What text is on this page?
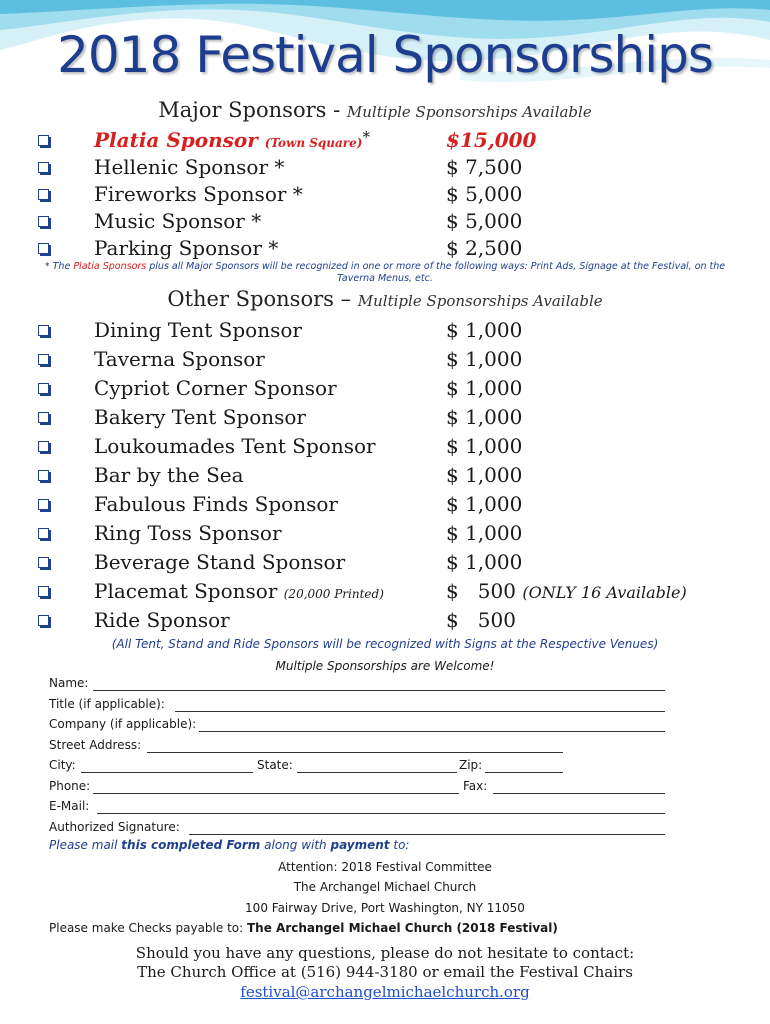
2018 Festival Sponsorships
Major Sponsors - Multiple Sponsorships Available
Platia Sponsor (Town Square)*	$15,000
Hellenic Sponsor *	$ 7,500
Fireworks Sponsor *	$ 5,000
Music Sponsor *	$ 5,000
Parking Sponsor *	$ 2,500
* The Platia Sponsors plus all Major Sponsors will be recognized in one or more of the following ways: Print Ads, Signage at the Festival, on the Taverna Menus, etc.
Other Sponsors – Multiple Sponsorships Available
Dining Tent Sponsor	$ 1,000
Taverna Sponsor	$ 1,000
Cypriot Corner Sponsor	$ 1,000
Bakery Tent Sponsor	$ 1,000
Loukoumades Tent Sponsor	$ 1,000
Bar by the Sea	$ 1,000
Fabulous Finds Sponsor	$ 1,000
Ring Toss Sponsor	$ 1,000
Beverage Stand Sponsor	$ 1,000
Placemat Sponsor (20,000 Printed)	$   500 (ONLY 16 Available)
Ride Sponsor	$   500
(All Tent, Stand and Ride Sponsors will be recognized with Signs at the Respective Venues)
Multiple Sponsorships are Welcome!
Name:
Title (if applicable):
Company (if applicable):
Street Address:
City:	State:	Zip:
Phone:	Fax:
E-Mail:
Authorized Signature:
Please mail this completed Form along with payment to:
Attention: 2018 Festival Committee
The Archangel Michael Church
100 Fairway Drive, Port Washington, NY 11050
Please make Checks payable to: The Archangel Michael Church (2018 Festival)
Should you have any questions, please do not hesitate to contact:
The Church Office at (516) 944-3180 or email the Festival Chairs
festival@archangelmichaelchurch.org
